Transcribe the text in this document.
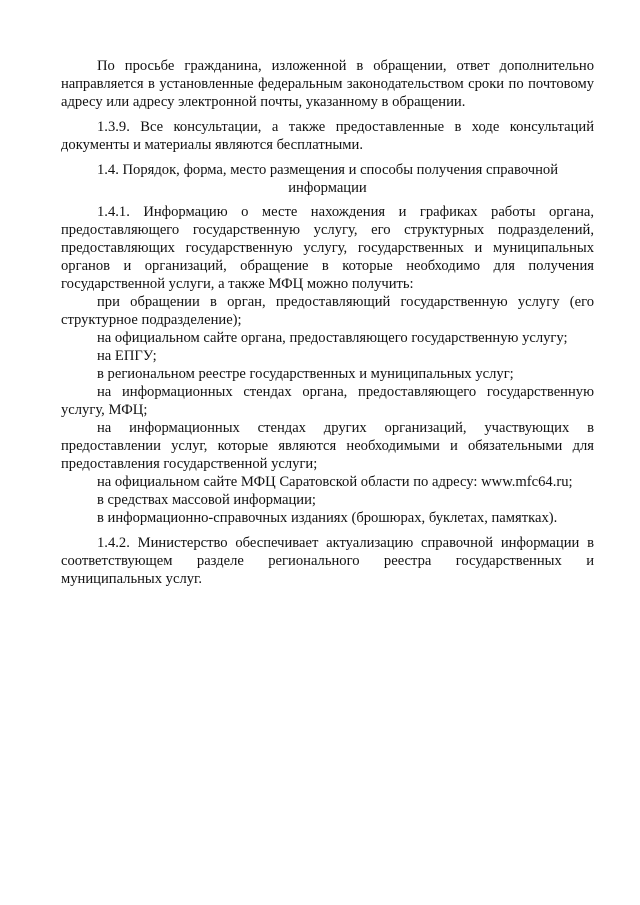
По просьбе гражданина, изложенной в обращении, ответ дополнительно направляется в установленные федеральным законодательством сроки по почтовому адресу или адресу электронной почты, указанному в обращении.

1.3.9. Все консультации, а также предоставленные в ходе консультаций документы и материалы являются бесплатными.

1.4. Порядок, форма, место размещения и способы получения справочной информации

1.4.1. Информацию о месте нахождения и графиках работы органа, предоставляющего государственную услугу, его структурных подразделений, предоставляющих государственную услугу, государственных и муниципальных органов и организаций, обращение в которые необходимо для получения государственной услуги, а также МФЦ можно получить:

при обращении в орган, предоставляющий государственную услугу (его структурное подразделение);

на официальном сайте органа, предоставляющего государственную услугу;

на ЕПГУ;

в региональном реестре государственных и муниципальных услуг;

на информационных стендах органа, предоставляющего государственную услугу, МФЦ;

на информационных стендах других организаций, участвующих в предоставлении услуг, которые являются необходимыми и обязательными для предоставления государственной услуги;

на официальном сайте МФЦ Саратовской области по адресу: www.mfc64.ru;

в средствах массовой информации;

в информационно-справочных изданиях (брошюрах, буклетах, памятках).

1.4.2. Министерство обеспечивает актуализацию справочной информации в соответствующем разделе регионального реестра государственных и муниципальных услуг.
